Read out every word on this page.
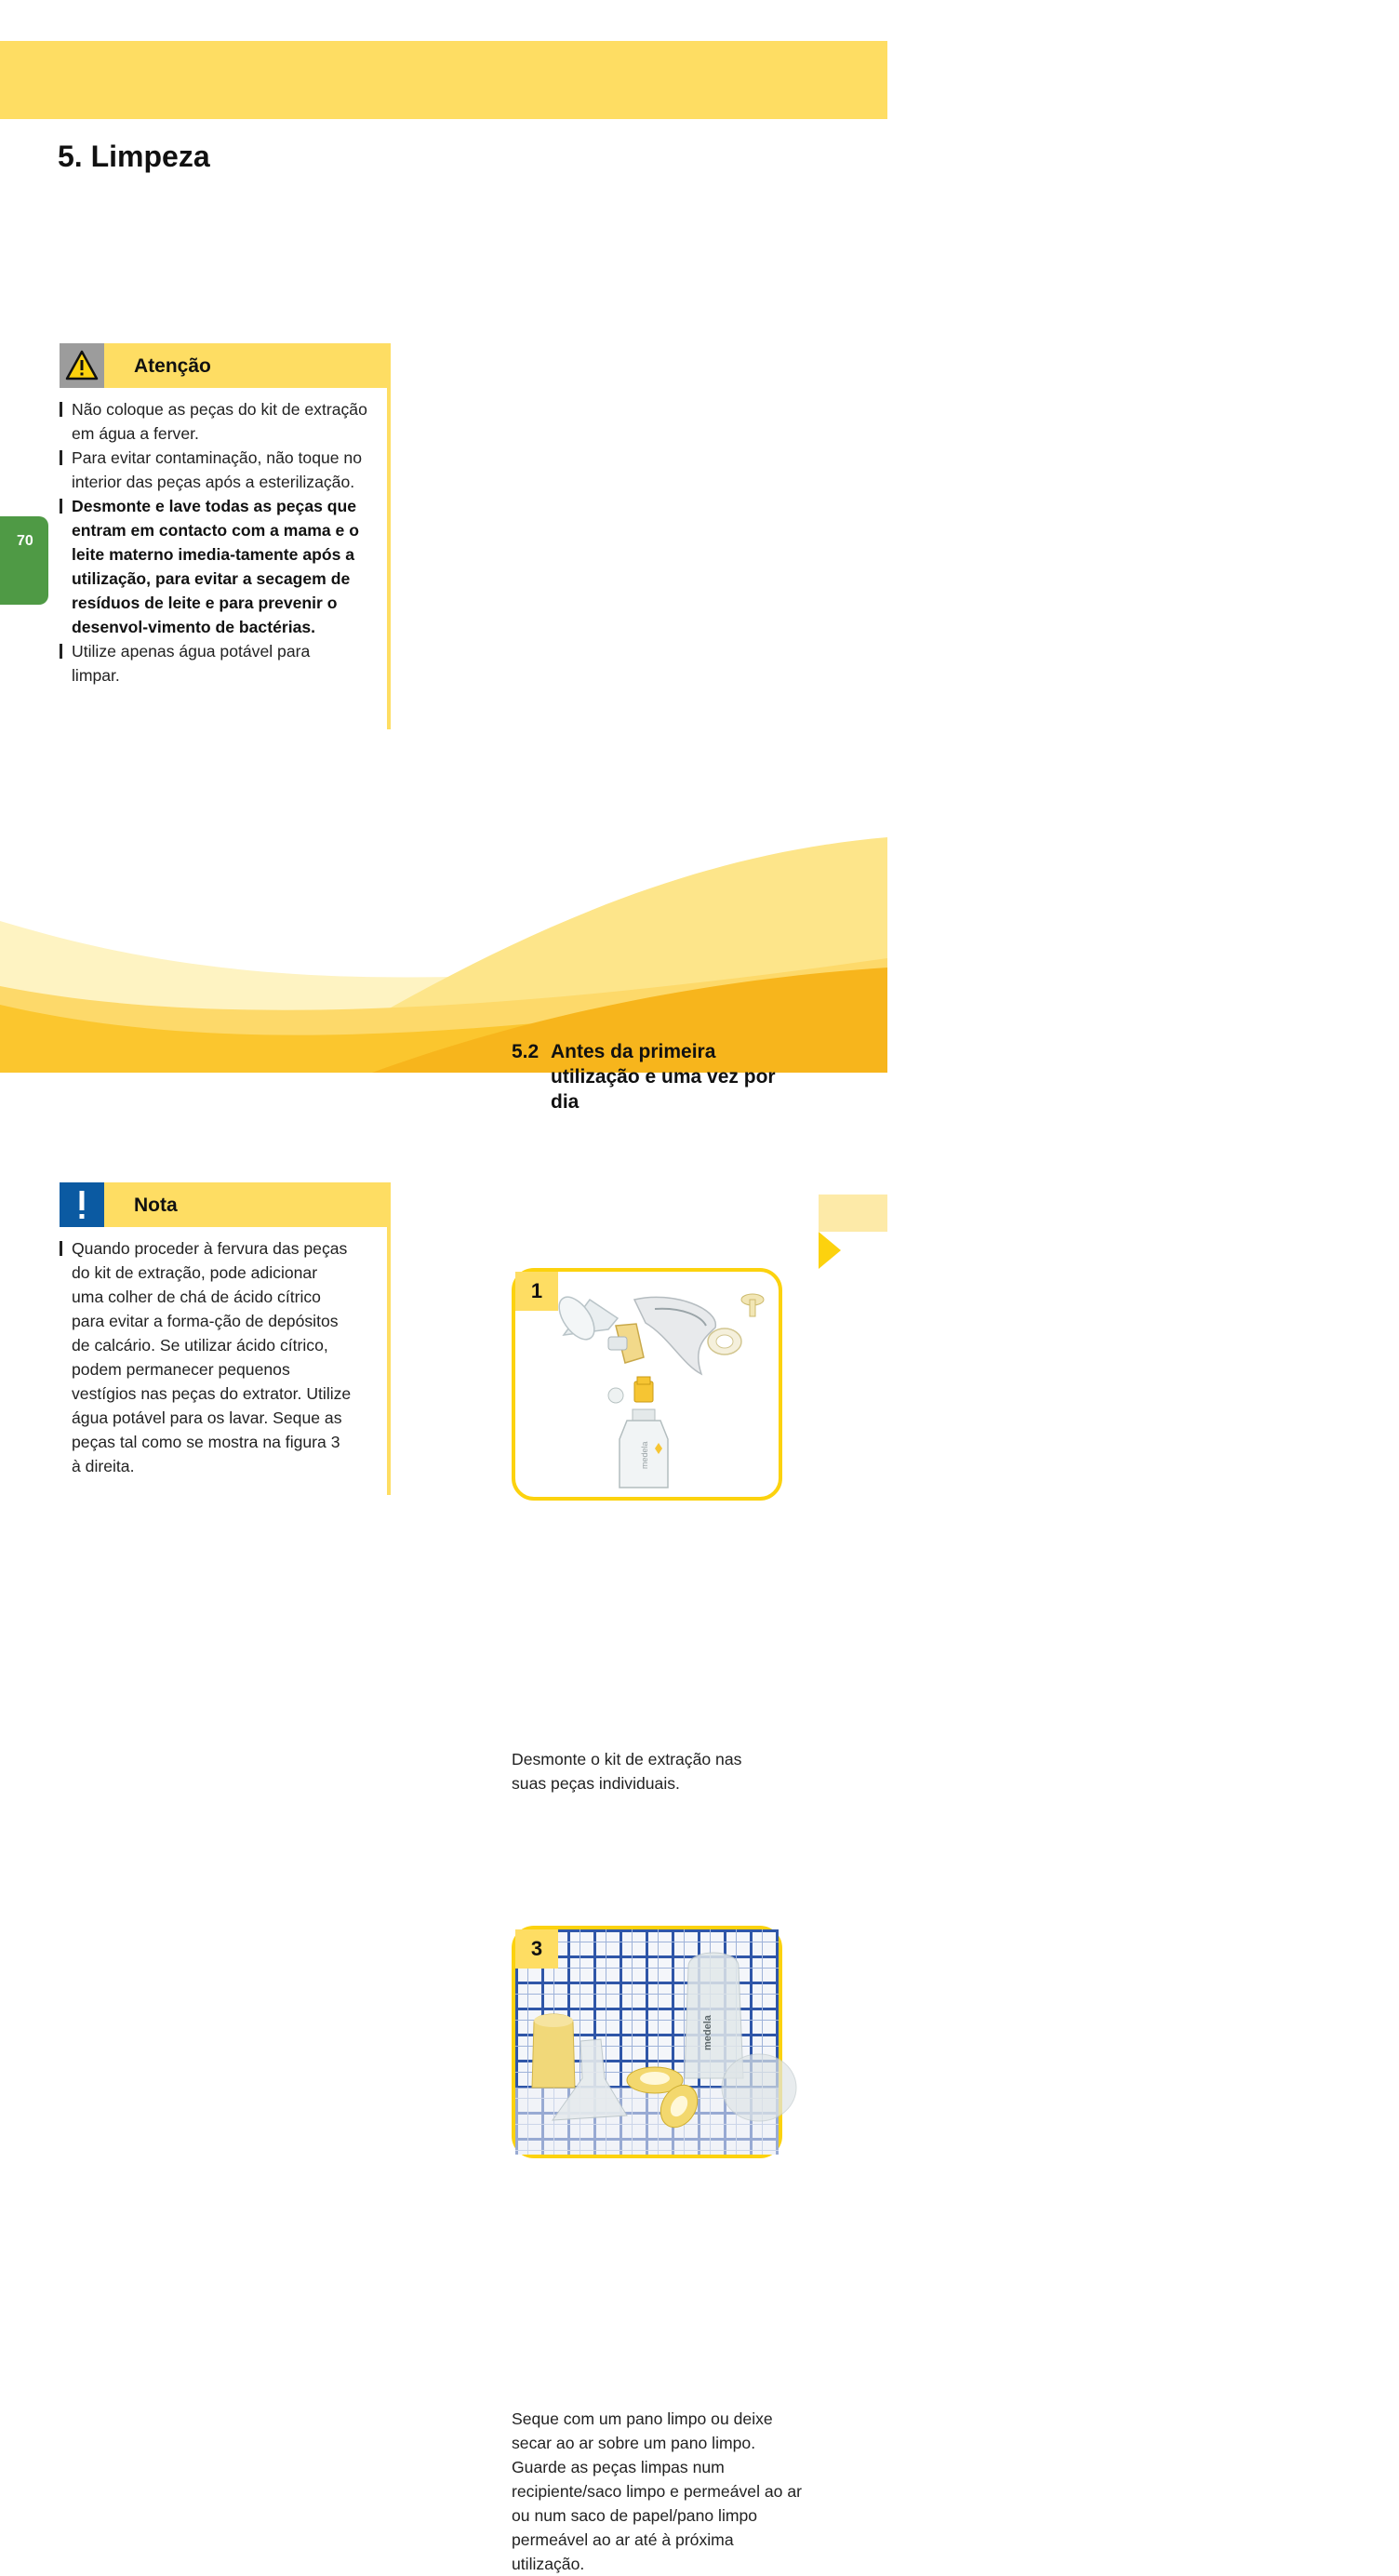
5. Limpeza
70
Atenção
Não coloque as peças do kit de extração em água a ferver.
Para evitar contaminação, não toque no interior das peças após a esterilização.
Desmonte e lave todas as peças que entram em contacto com a mama e o leite materno imedia-tamente após a utilização, para evitar a secagem de resíduos de leite e para prevenir o desenvol-vimento de bactérias.
Utilize apenas água potável para limpar.
Nota
Quando proceder à fervura das peças do kit de extração, pode adicionar uma colher de chá de ácido cítrico para evitar a forma-ção de depósitos de calcário. Se utilizar ácido cítrico, podem permanecer pequenos vestígios nas peças do extrator. Utilize água potável para os lavar. Seque as peças tal como se mostra na figura 3 à direita.
5.2 Antes da primeira utilização e uma vez por dia
1
medela

Desmonte o kit de extração nas suas peças individuais.

3
medela

Seque com um pano limpo ou deixe secar ao ar sobre um pano limpo. Guarde as peças limpas num recipiente/saco limpo e permeável ao ar ou num saco de papel/pano limpo permeável ao ar até à próxima utilização.
